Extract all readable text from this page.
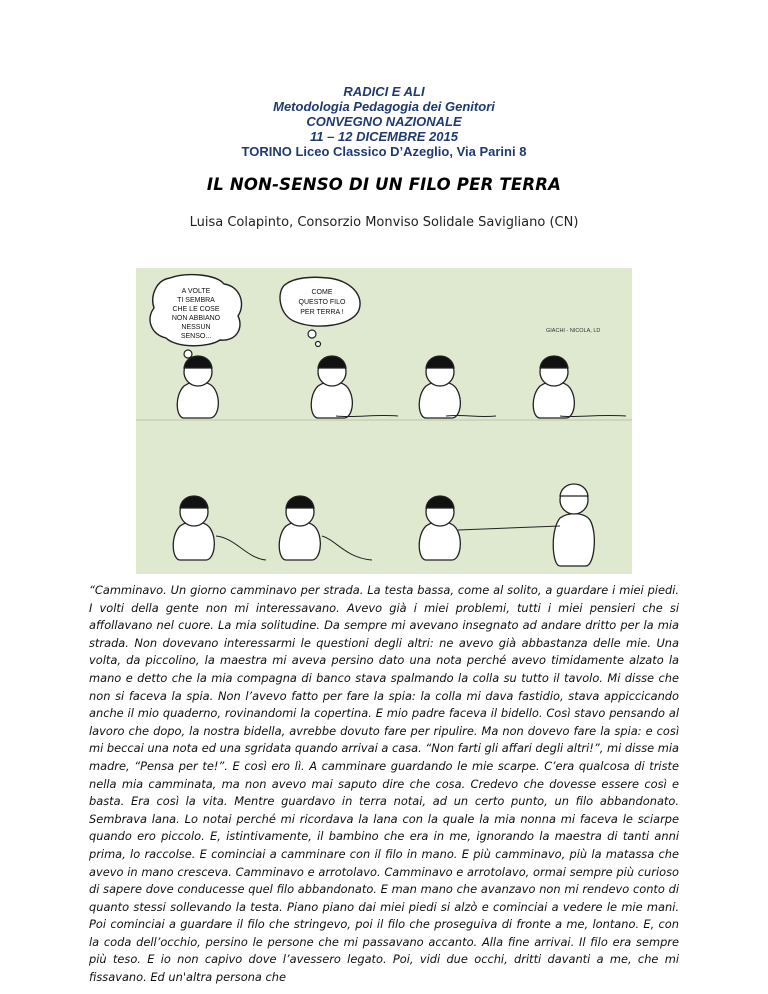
RADICI E ALI
Metodologia Pedagogia dei Genitori
CONVEGNO NAZIONALE
11 – 12 DICEMBRE 2015
TORINO Liceo Classico D’Azeglio, Via Parini 8
IL NON-SENSO DI UN FILO PER TERRA
Luisa Colapinto, Consorzio Monviso Solidale Savigliano (CN)
A VOLTE
TI SEMBRA
CHE LE COSE
NON ABBIANO
NESSUN
SENSO...
COME
QUESTO FILO
PER TERRA !
GIACHI - NICOLA, LD
“Camminavo. Un giorno camminavo per strada. La testa bassa, come al solito, a guardare i miei piedi. I volti della gente non mi interessavano. Avevo già i miei problemi, tutti i miei pensieri che si affollavano nel cuore. La mia solitudine. Da sempre mi avevano insegnato ad andare dritto per la mia strada. Non dovevano interessarmi le questioni degli altri: ne avevo già abbastanza delle mie. Una volta, da piccolino, la maestra mi aveva persino dato una nota perché avevo timidamente alzato la mano e detto che la mia compagna di banco stava spalmando la colla su tutto il tavolo. Mi disse che non si faceva la spia. Non l’avevo fatto per fare la spia: la colla mi dava fastidio, stava appiccicando anche il mio quaderno, rovinandomi la copertina. E mio padre faceva il bidello. Così stavo pensando al lavoro che dopo, la nostra bidella, avrebbe dovuto fare per ripulire. Ma non dovevo fare la spia: e così mi beccai una nota ed una sgridata quando arrivai a casa. “Non farti gli affari degli altri!”, mi disse mia madre, “Pensa per te!”. E così ero lì. A camminare guardando le mie scarpe. C’era qualcosa di triste nella mia camminata, ma non avevo mai saputo dire che cosa. Credevo che dovesse essere così e basta. Era così la vita. Mentre guardavo in terra notai, ad un certo punto, un filo abbandonato. Sembrava lana. Lo notai perché mi ricordava la lana con la quale la mia nonna mi faceva le sciarpe quando ero piccolo. E, istintivamente, il bambino che era in me, ignorando la maestra di tanti anni prima, lo raccolse. E cominciai a camminare con il filo in mano. E più camminavo, più la matassa che avevo in mano cresceva. Camminavo e arrotolavo. Camminavo e arrotolavo, ormai sempre più curioso di sapere dove conducesse quel filo abbandonato. E man mano che avanzavo non mi rendevo conto di quanto stessi sollevando la testa. Piano piano dai miei piedi si alzò e cominciai a vedere le mie mani. Poi cominciai a guardare il filo che stringevo, poi il filo che proseguiva di fronte a me, lontano. E, con la coda dell’occhio, persino le persone che mi passavano accanto. Alla fine arrivai. Il filo era sempre più teso. E io non capivo dove l’avessero legato. Poi, vidi due occhi, dritti davanti a me, che mi fissavano. Ed un'altra persona che
